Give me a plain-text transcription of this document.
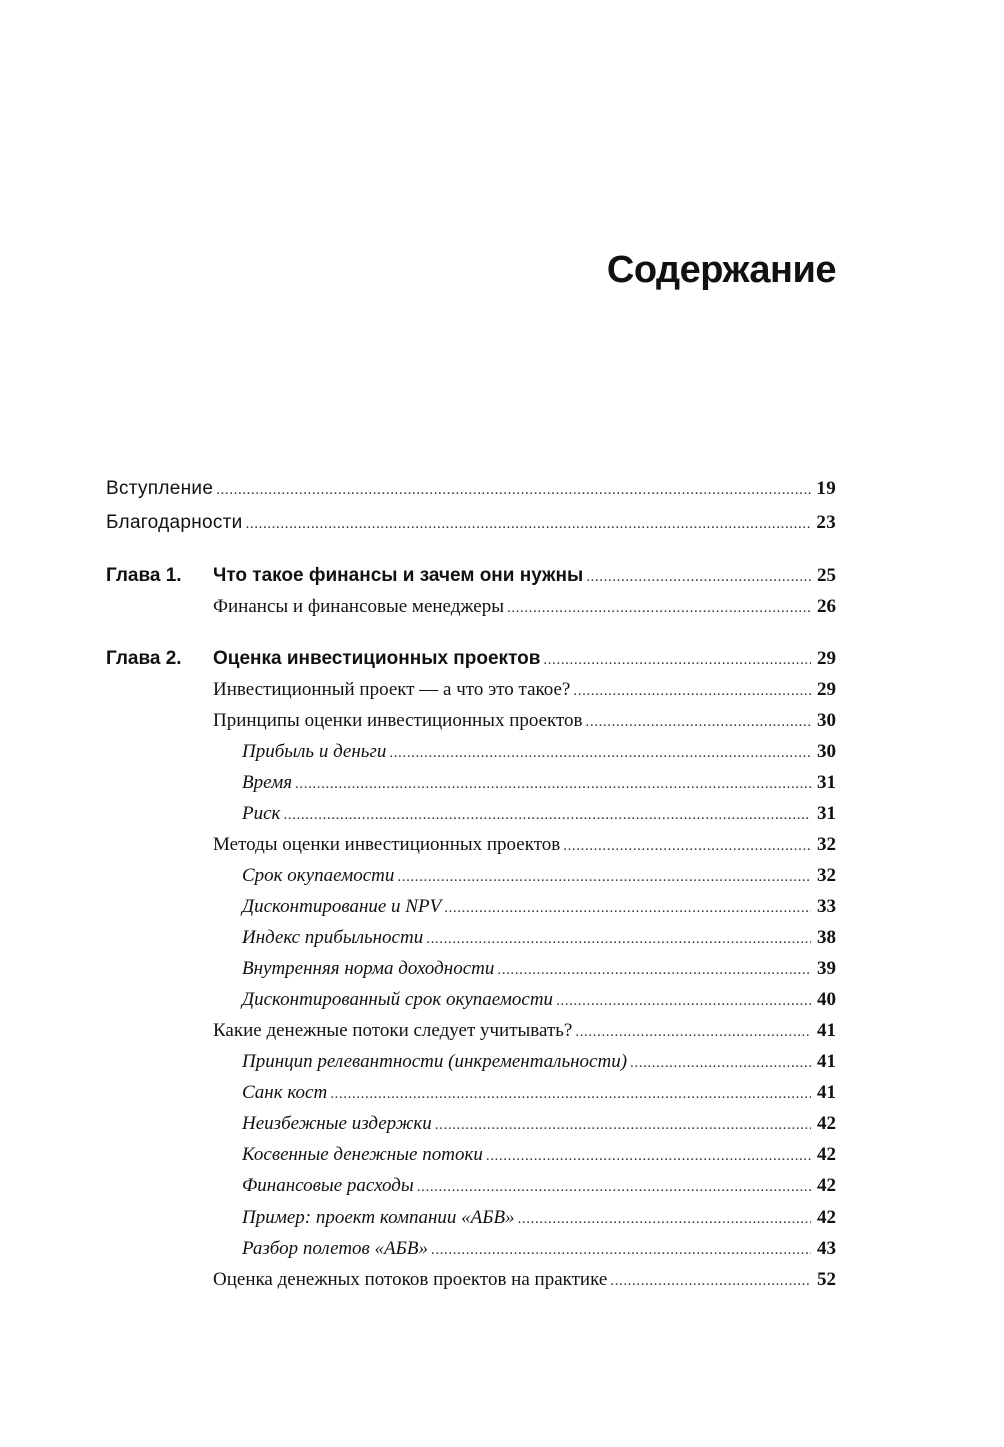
Содержание
Вступление .....	19
Благодарности .....	23
Глава 1.	Что такое финансы и зачем они нужны .....	25
Финансы и финансовые менеджеры .....	26
Глава 2.	Оценка инвестиционных проектов .....	29
Инвестиционный проект — а что это такое? .....	29
Принципы оценки инвестиционных проектов .....	30
Прибыль и деньги .....	30
Время .....	31
Риск .....	31
Методы оценки инвестиционных проектов .....	32
Срок окупаемости .....	32
Дисконтирование и NPV .....	33
Индекс прибыльности .....	38
Внутренняя норма доходности .....	39
Дисконтированный срок окупаемости .....	40
Какие денежные потоки следует учитывать? .....	41
Принцип релевантности (инкрементальности) .....	41
Санк кост .....	41
Неизбежные издержки .....	42
Косвенные денежные потоки .....	42
Финансовые расходы .....	42
Пример: проект компании «АБВ» .....	42
Разбор полетов «АБВ» .....	43
Оценка денежных потоков проектов на практике .....	52
